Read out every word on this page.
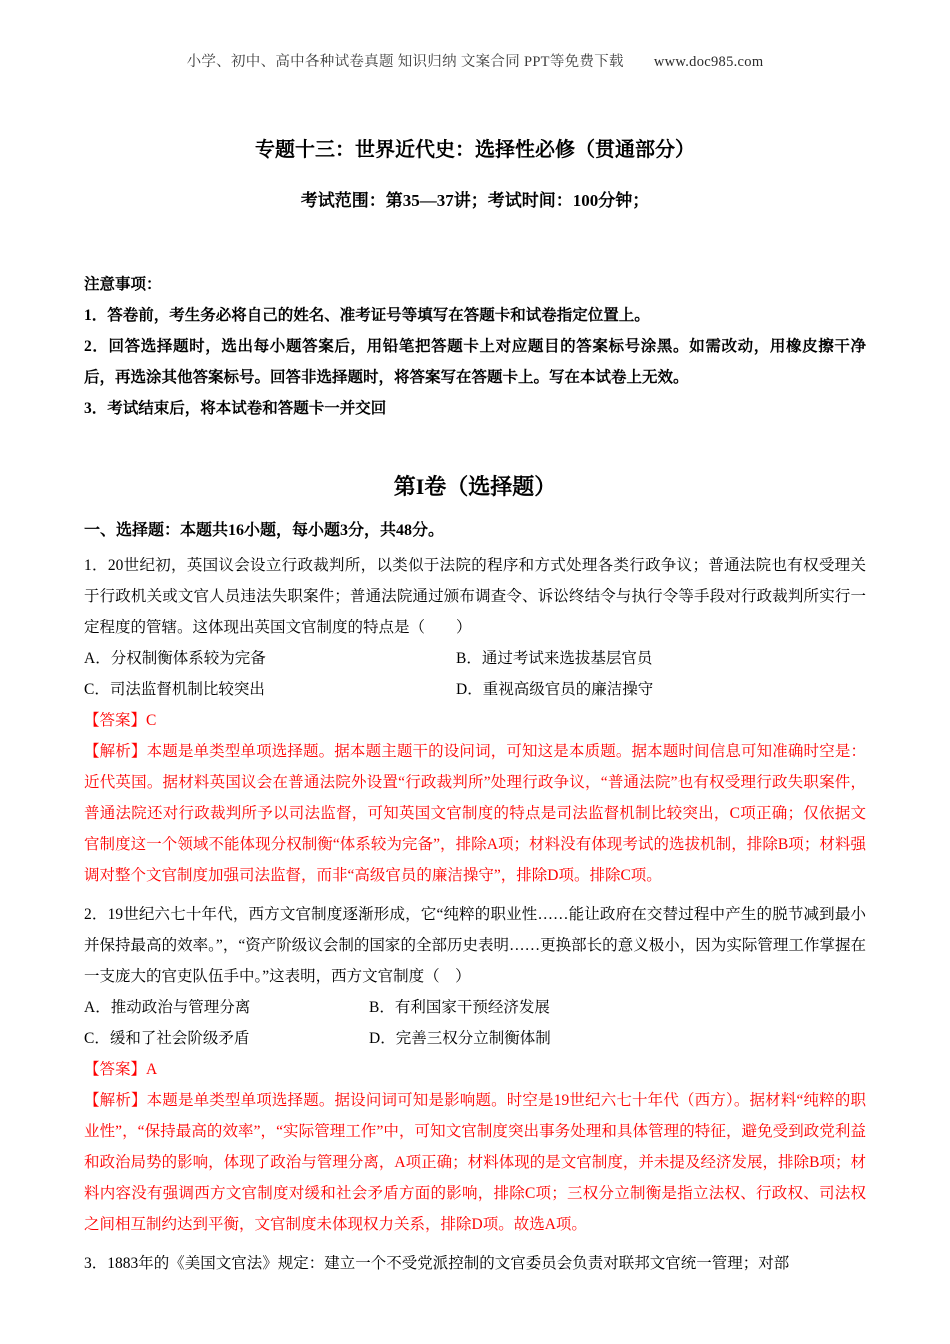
小学、初中、高中各种试卷真题 知识归纳 文案合同 PPT等免费下载 www.doc985.com
专题十三：世界近代史：选择性必修（贯通部分）
考试范围：第35—37讲；考试时间：100分钟；

注意事项：

1．答卷前，考生务必将自己的姓名、准考证号等填写在答题卡和试卷指定位置上。

2．回答选择题时，选出每小题答案后，用铅笔把答题卡上对应题目的答案标号涂黑。如需改动，用橡皮擦干净后，再选涂其他答案标号。回答非选择题时，将答案写在答题卡上。写在本试卷上无效。

3．考试结束后，将本试卷和答题卡一并交回

第I卷（选择题）

一、选择题：本题共16小题，每小题3分，共48分。

1．20世纪初，英国议会设立行政裁判所，以类似于法院的程序和方式处理各类行政争议；普通法院也有权受理关于行政机关或文官人员违法失职案件；普通法院通过颁布调查令、诉讼终结令与执行令等手段对行政裁判所实行一定程度的管辖。这体现出英国文官制度的特点是（　　）

A．分权制衡体系较为完备	B．通过考试来选拔基层官员
C．司法监督机制比较突出	D．重视高级官员的廉洁操守

【答案】C

【解析】本题是单类型单项选择题。据本题主题干的设问词，可知这是本质题。据本题时间信息可知准确时空是：近代英国。据材料英国议会在普通法院外设置“行政裁判所”处理行政争议，“普通法院”也有权受理行政失职案件，普通法院还对行政裁判所予以司法监督，可知英国文官制度的特点是司法监督机制比较突出，C项正确；仅依据文官制度这一个领域不能体现分权制衡“体系较为完备”，排除A项；材料没有体现考试的选拔机制，排除B项；材料强调对整个文官制度加强司法监督，而非“高级官员的廉洁操守”，排除D项。排除C项。

2．19世纪六七十年代，西方文官制度逐渐形成，它“纯粹的职业性……能让政府在交替过程中产生的脱节减到最小并保持最高的效率。”，“资产阶级议会制的国家的全部历史表明……更换部长的意义极小，因为实际管理工作掌握在一支庞大的官吏队伍手中。”这表明，西方文官制度（　）

A．推动政治与管理分离	B．有利国家干预经济发展
C．缓和了社会阶级矛盾	D．完善三权分立制衡体制

【答案】A

【解析】本题是单类型单项选择题。据设问词可知是影响题。时空是19世纪六七十年代（西方）。据材料“纯粹的职业性”，“保持最高的效率”，“实际管理工作”中，可知文官制度突出事务处理和具体管理的特征，避免受到政党利益和政治局势的影响，体现了政治与管理分离，A项正确；材料体现的是文官制度，并未提及经济发展，排除B项；材料内容没有强调西方文官制度对缓和社会矛盾方面的影响，排除C项；三权分立制衡是指立法权、行政权、司法权之间相互制约达到平衡，文官制度未体现权力关系，排除D项。故选A项。

3．1883年的《美国文官法》规定：建立一个不受党派控制的文官委员会负责对联邦文官统一管理；对部
